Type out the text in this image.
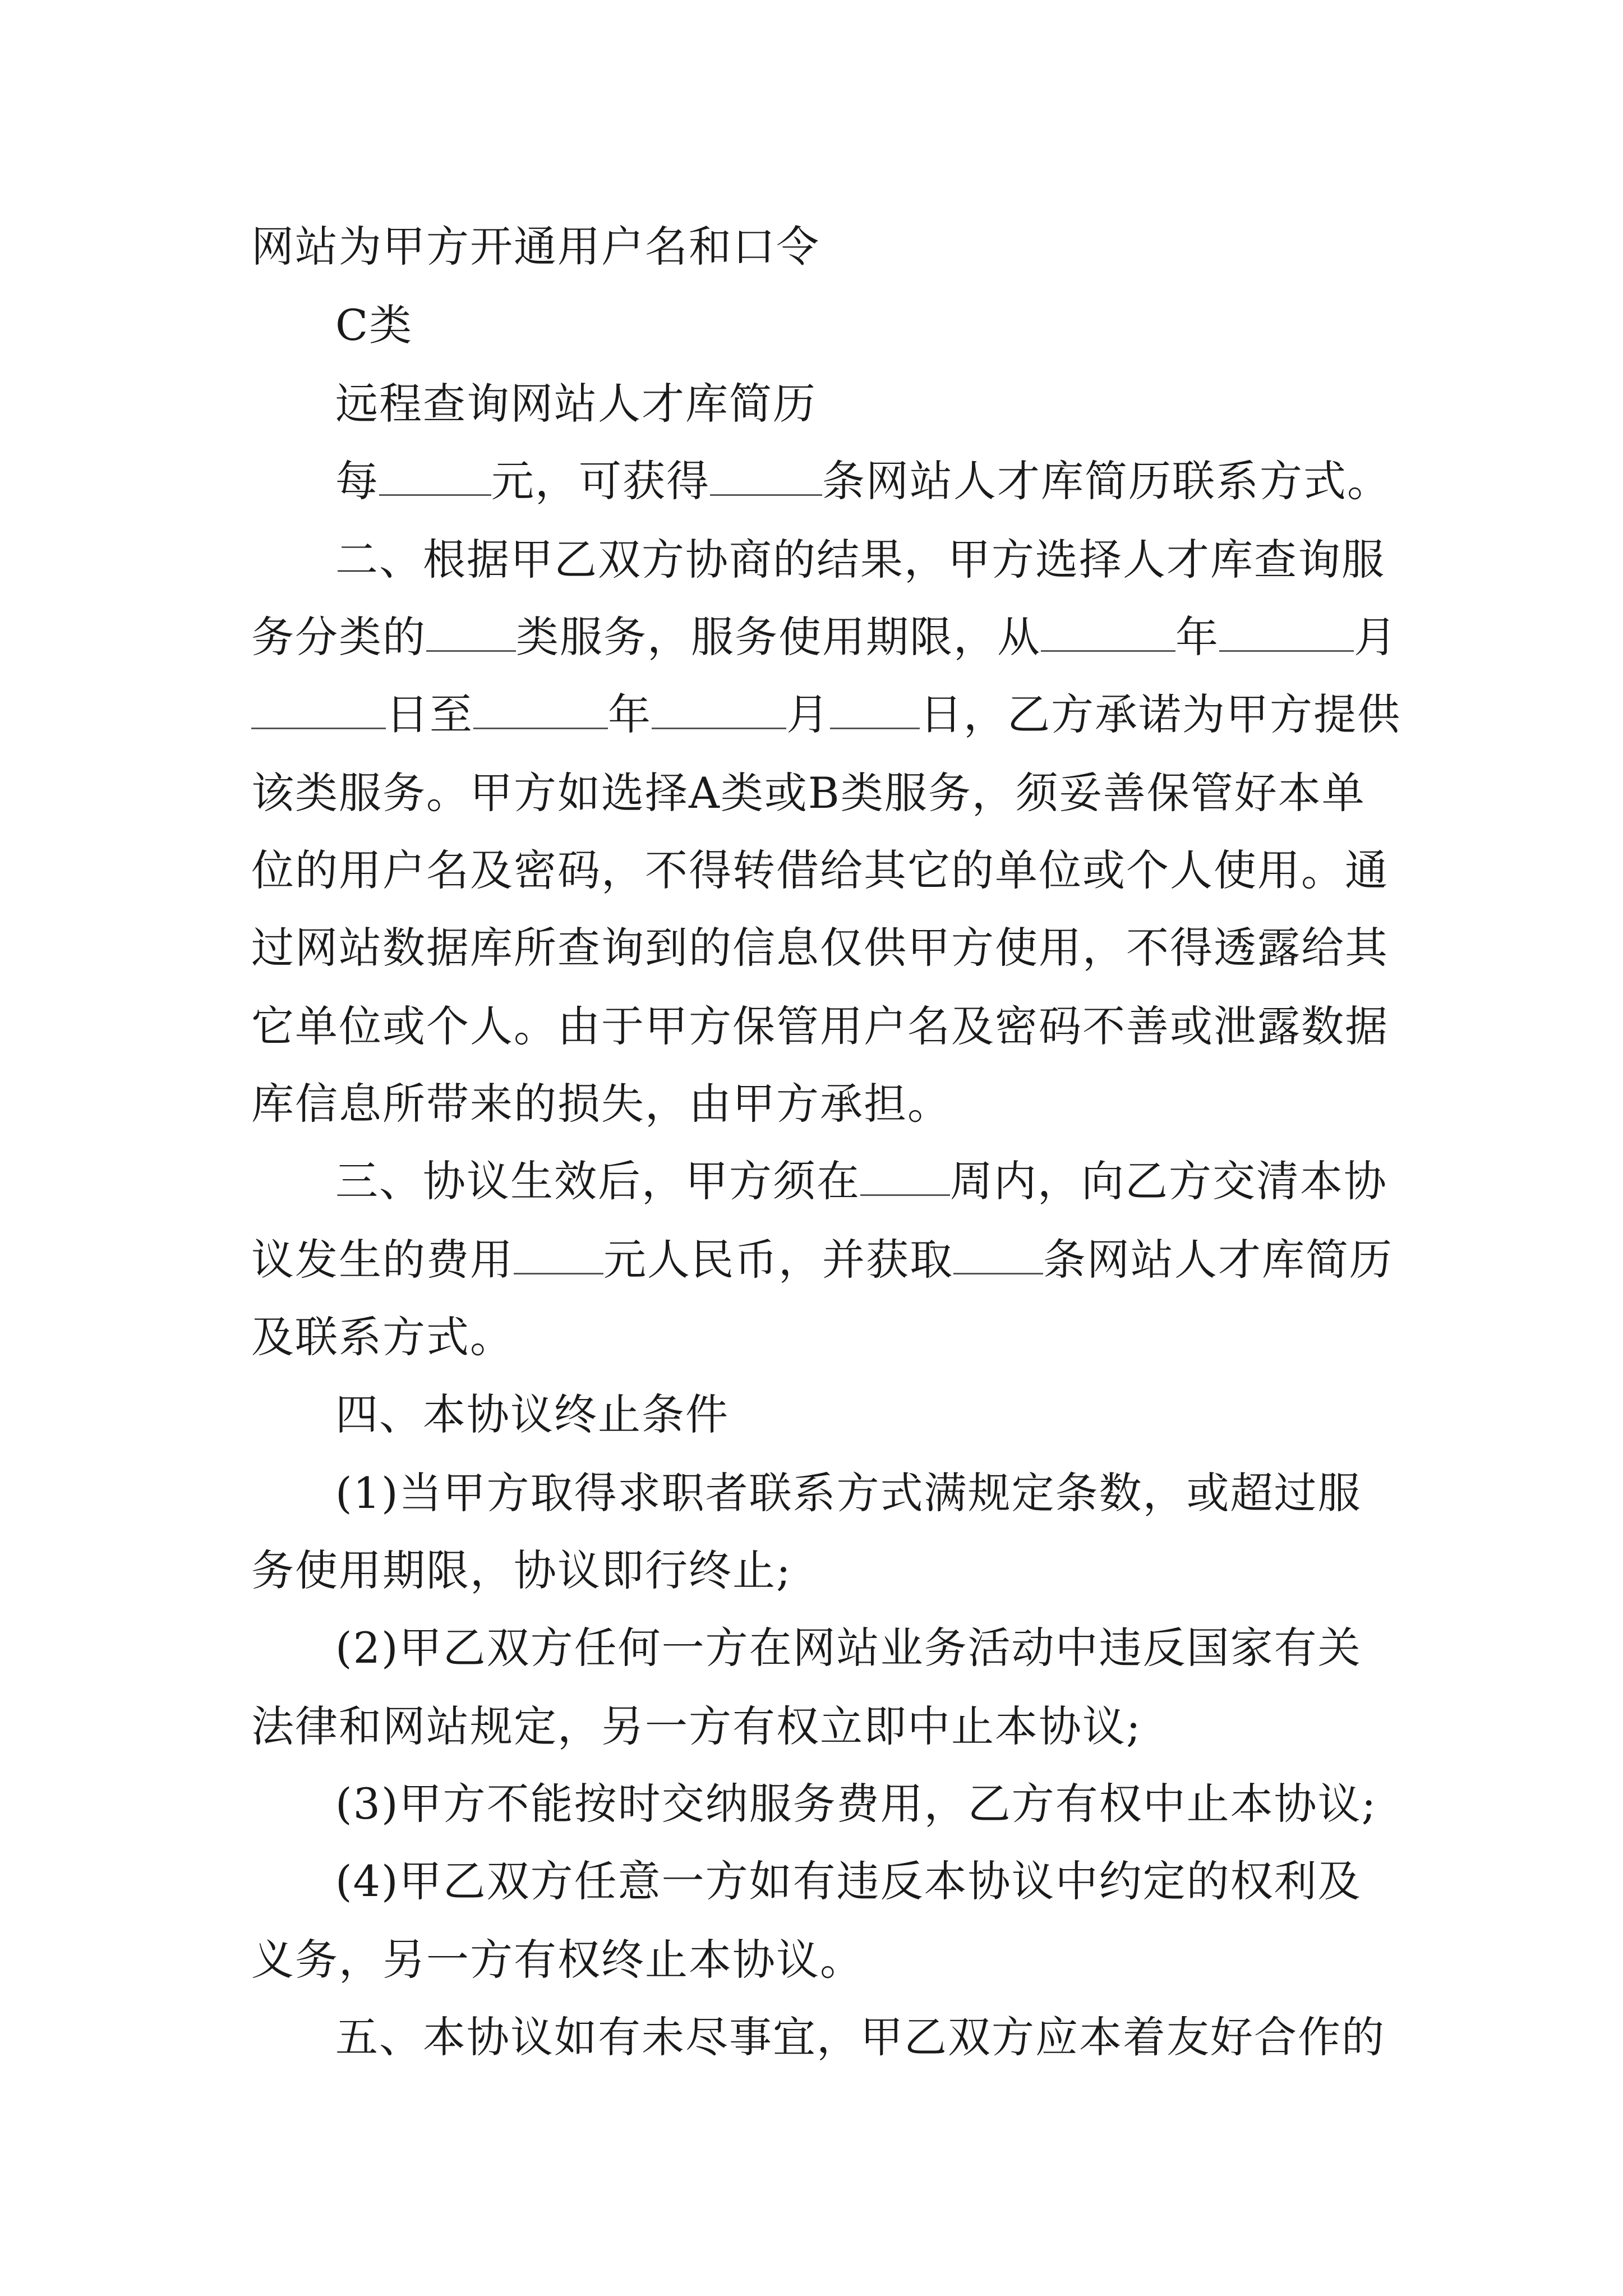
网站为甲方开通用户名和口令
C类
远程查询网站人才库简历
每	元，可获得	条网站人才库简历联系方式。
二、根据甲乙双方协商的结果，甲方选择人才库查询服
务分类的 类服务，服务使用期限，从	年	月
日至	年	月 日，乙方承诺为甲方提供
该类服务。甲方如选择A类或B类服务，须妥善保管好本单
位的用户名及密码，不得转借给其它的单位或个人使用。通
过网站数据库所查询到的信息仅供甲方使用，不得透露给其
它单位或个人。由于甲方保管用户名及密码不善或泄露数据
库信息所带来的损失，由甲方承担。
三、协议生效后，甲方须在 周内，向乙方交清本协
议发生的费用 元人民币，并获取 条网站人才库简历
及联系方式。
四、本协议终止条件
(1)当甲方取得求职者联系方式满规定条数，或超过服
务使用期限，协议即行终止;
(2)甲乙双方任何一方在网站业务活动中违反国家有关
法律和网站规定，另一方有权立即中止本协议;
(3)甲方不能按时交纳服务费用，乙方有权中止本协议;
(4)甲乙双方任意一方如有违反本协议中约定的权利及
义务，另一方有权终止本协议。
五、本协议如有未尽事宜，甲乙双方应本着友好合作的
